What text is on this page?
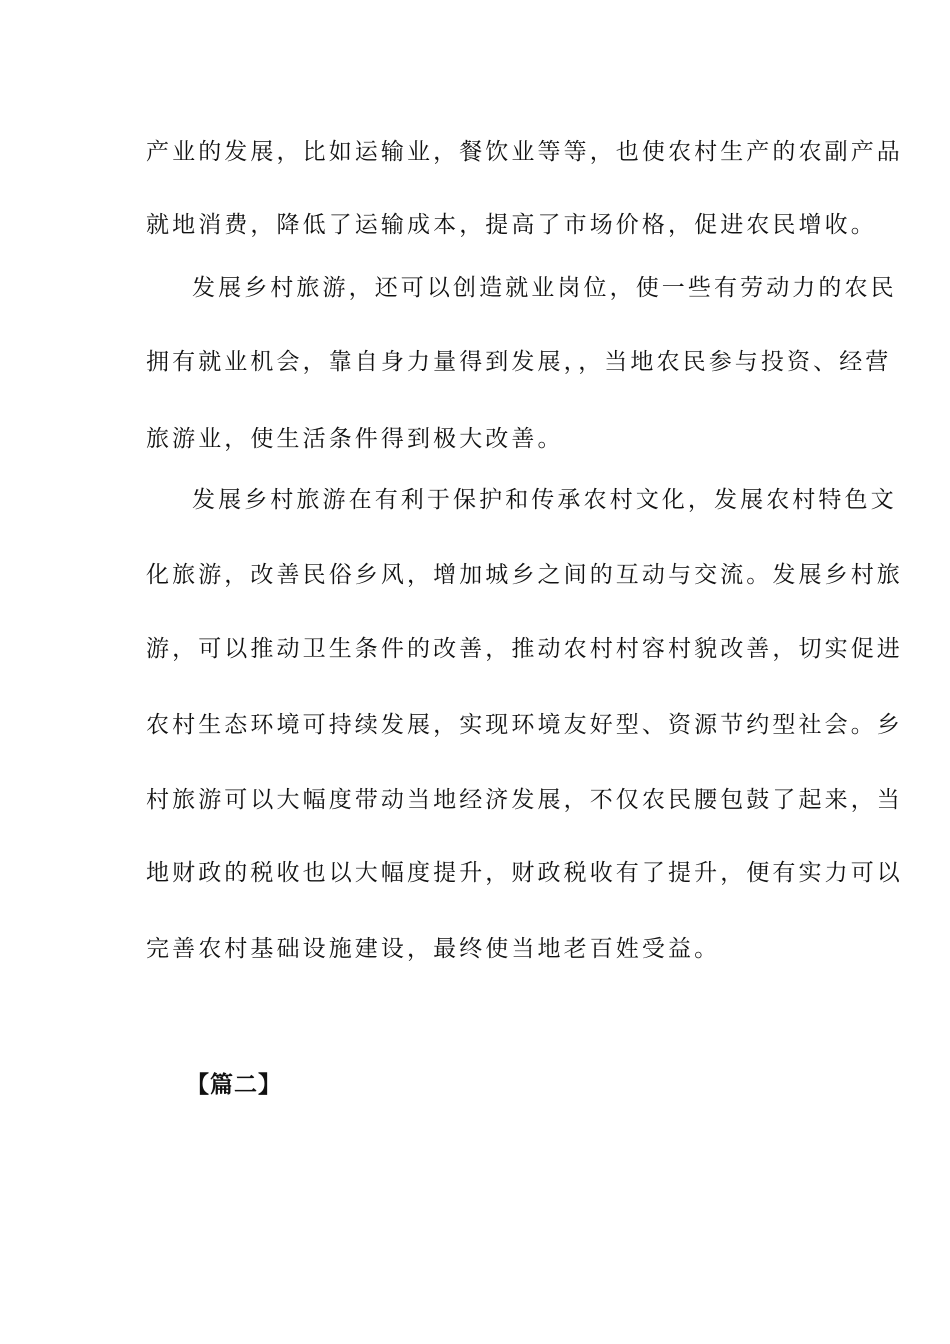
产业的发展，比如运输业，餐饮业等等，也使农村生产的农副产品
就地消费，降低了运输成本，提高了市场价格，促进农民增收。
发展乡村旅游，还可以创造就业岗位，使一些有劳动力的农民
拥有就业机会，靠自身力量得到发展，，当地农民参与投资、经营
旅游业，使生活条件得到极大改善。
发展乡村旅游在有利于保护和传承农村文化，发展农村特色文
化旅游，改善民俗乡风，增加城乡之间的互动与交流。发展乡村旅
游，可以推动卫生条件的改善，推动农村村容村貌改善，切实促进
农村生态环境可持续发展，实现环境友好型、资源节约型社会。乡
村旅游可以大幅度带动当地经济发展，不仅农民腰包鼓了起来，当
地财政的税收也以大幅度提升，财政税收有了提升，便有实力可以
完善农村基础设施建设，最终使当地老百姓受益。
【篇二】
